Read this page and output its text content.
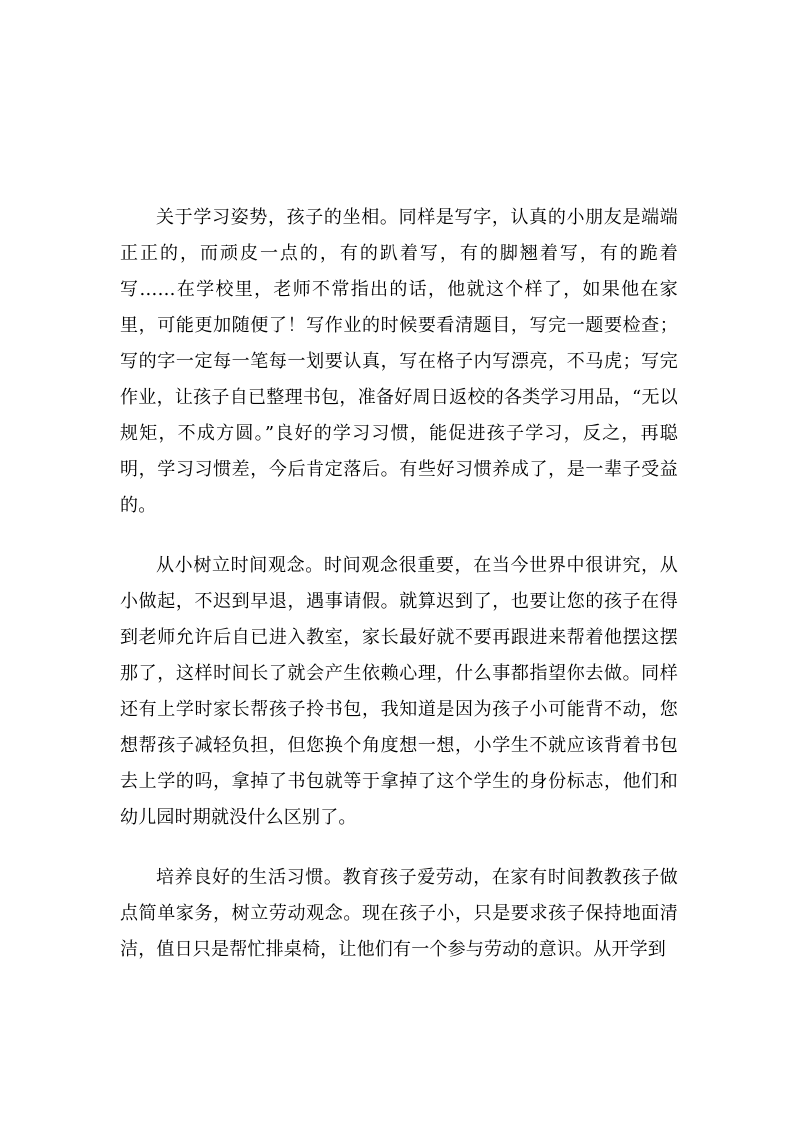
关于学习姿势，孩子的坐相。同样是写字，认真的小朋友是端端正正的，而顽皮一点的，有的趴着写，有的脚翘着写，有的跪着写……在学校里，老师不常指出的话，他就这个样了，如果他在家里，可能更加随便了！写作业的时候要看清题目，写完一题要检查；写的字一定每一笔每一划要认真，写在格子内写漂亮，不马虎；写完作业，让孩子自已整理书包，准备好周日返校的各类学习用品，“无以规矩，不成方圆。”良好的学习习惯，能促进孩子学习，反之，再聪明，学习习惯差，今后肯定落后。有些好习惯养成了，是一辈子受益的。

从小树立时间观念。时间观念很重要，在当今世界中很讲究，从小做起，不迟到早退，遇事请假。就算迟到了，也要让您的孩子在得到老师允许后自已进入教室，家长最好就不要再跟进来帮着他摆这摆那了，这样时间长了就会产生依赖心理，什么事都指望你去做。同样还有上学时家长帮孩子拎书包，我知道是因为孩子小可能背不动，您想帮孩子减轻负担，但您换个角度想一想，小学生不就应该背着书包去上学的吗，拿掉了书包就等于拿掉了这个学生的身份标志，他们和幼儿园时期就没什么区别了。

培养良好的生活习惯。教育孩子爱劳动，在家有时间教教孩子做点简单家务，树立劳动观念。现在孩子小，只是要求孩子保持地面清洁，值日只是帮忙排桌椅，让他们有一个参与劳动的意识。从开学到
